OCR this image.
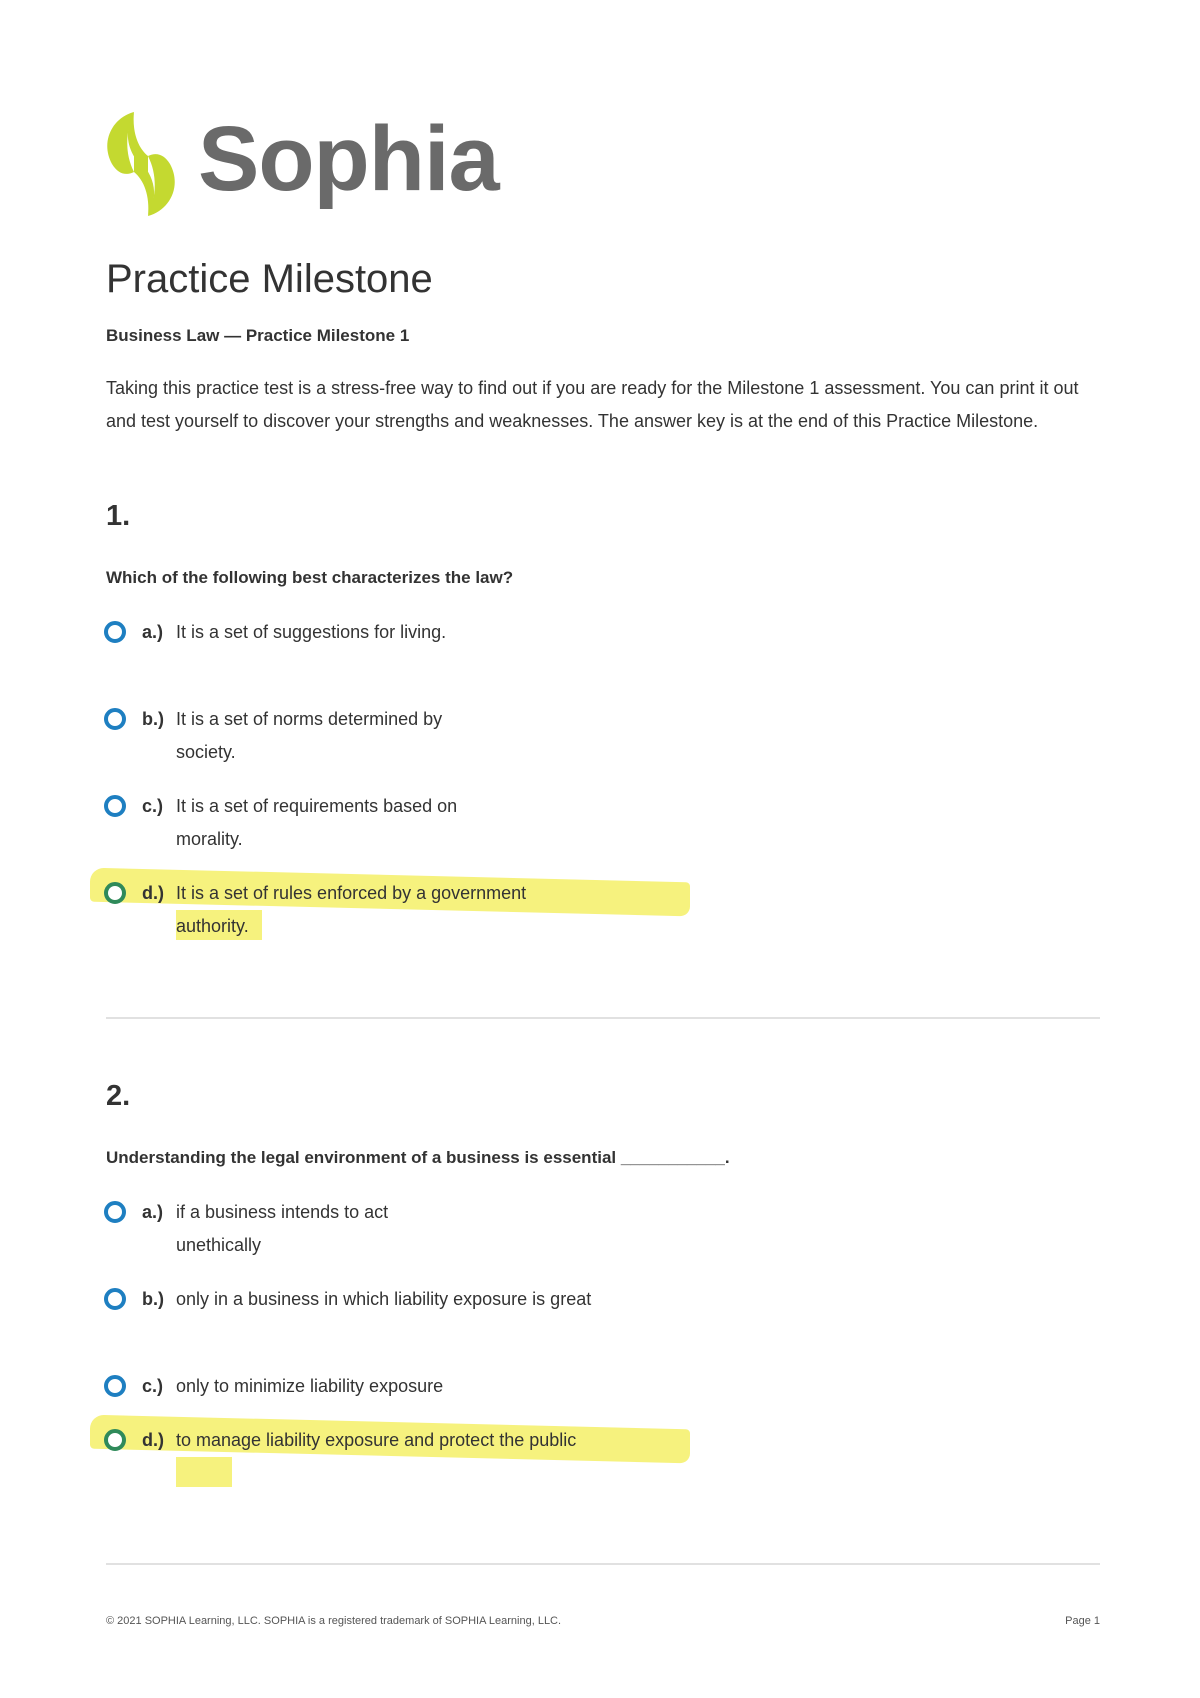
Sophia
Practice Milestone
Business Law — Practice Milestone 1
Taking this practice test is a stress-free way to find out if you are ready for the Milestone 1 assessment. You can print it out and test yourself to discover your strengths and weaknesses. The answer key is at the end of this Practice Milestone.
1.
Which of the following best characterizes the law?
a.) It is a set of suggestions for living.
b.) It is a set of norms determined by society.
c.) It is a set of requirements based on morality.
d.) It is a set of rules enforced by a government authority.
2.
Understanding the legal environment of a business is essential ___________.
a.) if a business intends to act unethically
b.) only in a business in which liability exposure is great
c.) only to minimize liability exposure
d.) to manage liability exposure and protect the public
© 2021 SOPHIA Learning, LLC. SOPHIA is a registered trademark of SOPHIA Learning, LLC.	Page 1
